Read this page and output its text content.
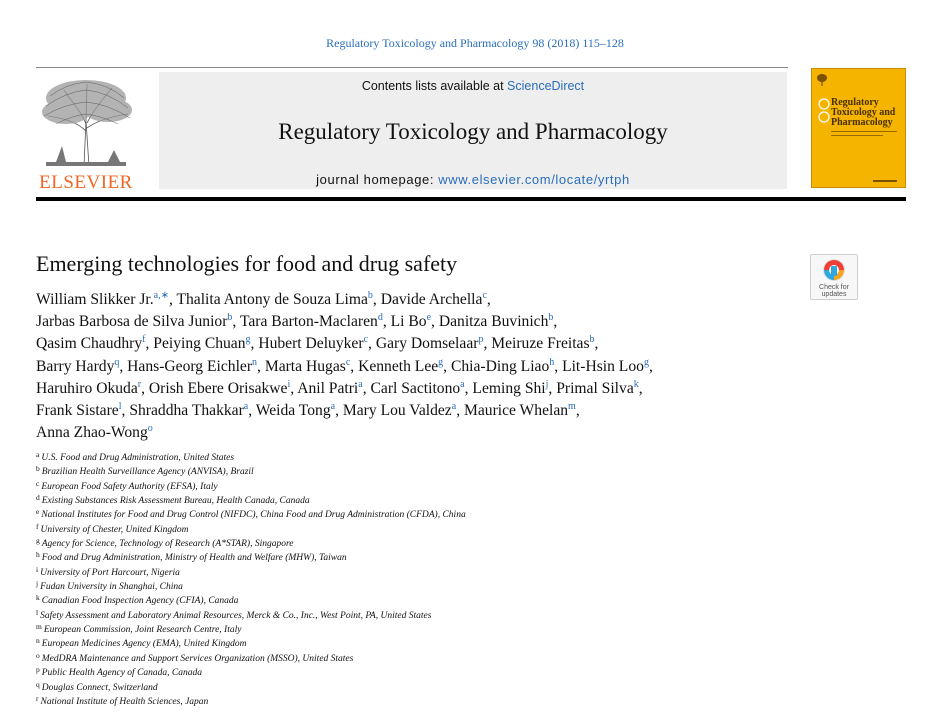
Regulatory Toxicology and Pharmacology 98 (2018) 115–128
ELSEVIER
Contents lists available at ScienceDirect
Regulatory Toxicology and Pharmacology
journal homepage: www.elsevier.com/locate/yrtph
Regulatory Toxicology and Pharmacology
Emerging technologies for food and drug safety
Check for
updates
William Slikker Jr.$^{a,∗}$, Thalita Antony de Souza Lima$^b$, Davide Archella$^c$,
Jarbas Barbosa de Silva Junior$^b$, Tara Barton-Maclaren$^d$, Li Bo$^e$, Danitza Buvinich$^b$,
Qasim Chaudhry$^f$, Peiying Chuan$^g$, Hubert Deluyker$^c$, Gary Domselaar$^p$, Meiruze Freitas$^b$,
Barry Hardy$^q$, Hans-Georg Eichler$^n$, Marta Hugas$^c$, Kenneth Lee$^g$, Chia-Ding Liao$^h$, Lit-Hsin Loo$^g$,
Haruhiro Okuda$^r$, Orish Ebere Orisakwe$^i$, Anil Patri$^a$, Carl Sactitono$^a$, Leming Shi$^j$, Primal Silva$^k$,
Frank Sistare$^l$, Shraddha Thakkar$^a$, Weida Tong$^a$, Mary Lou Valdez$^a$, Maurice Whelan$^m$,
Anna Zhao-Wong$^o$
$^a$ U.S. Food and Drug Administration, United States
$^b$ Brazilian Health Surveillance Agency (ANVISA), Brazil
$^c$ European Food Safety Authority (EFSA), Italy
$^d$ Existing Substances Risk Assessment Bureau, Health Canada, Canada
$^e$ National Institutes for Food and Drug Control (NIFDC), China Food and Drug Administration (CFDA), China
$^f$ University of Chester, United Kingdom
$^g$ Agency for Science, Technology of Research (A*STAR), Singapore
$^h$ Food and Drug Administration, Ministry of Health and Welfare (MHW), Taiwan
$^i$ University of Port Harcourt, Nigeria
$^j$ Fudan University in Shanghai, China
$^k$ Canadian Food Inspection Agency (CFIA), Canada
$^l$ Safety Assessment and Laboratory Animal Resources, Merck & Co., Inc., West Point, PA, United States
$^m$ European Commission, Joint Research Centre, Italy
$^n$ European Medicines Agency (EMA), United Kingdom
$^o$ MedDRA Maintenance and Support Services Organization (MSSO), United States
$^p$ Public Health Agency of Canada, Canada
$^q$ Douglas Connect, Switzerland
$^r$ National Institute of Health Sciences, Japan
